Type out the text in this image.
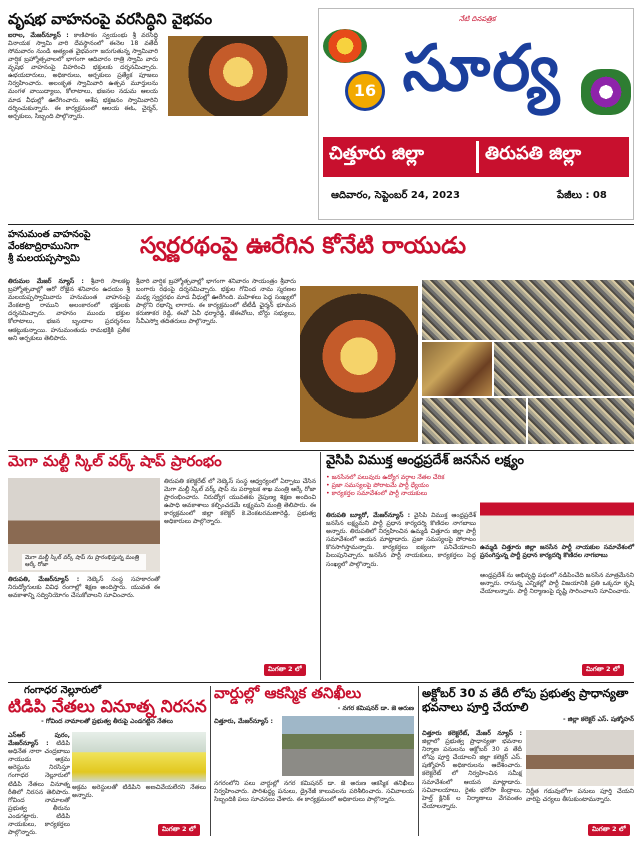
వృషభ వాహనంపై వరసిద్ధిని వైభవం
ఐరాల, మేజర్‌న్యూస్ : కాణిపాకం స్వయంభు శ్రీ వరసిద్ధి వినాయక స్వామి వారి దేవస్థానంలో ఈనెల 18 వతేదీ సోమవారం నుండి అత్యంత వైభవంగా జరుగుతున్న స్వామివారి వార్షిక బ్రహ్మోత్సవాలలో భాగంగా ఆదివారం రాత్రి స్వామి వారు వృషభ వాహనంపై విహరించి భక్తులకు దర్శనమిచ్చారు. ఉభయదారులు, అధికారులు, అర్చకులు ప్రత్యేక పూజలు నిర్వహించారు. అలంకృత స్వామివారి ఉత్సవ మూర్తులను మంగళ వాయిద్యాలు, కోలాటాలు, భజనల నడుమ ఆలయ మాడ వీధుల్లో ఊరేగించారు. అశేష భక్తజనం స్వామివారిని దర్శించుకున్నారు. ఈ కార్యక్రమంలో ఆలయ ఈఓ, చైర్మన్, అర్చకులు, సిబ్బంది పాల్గొన్నారు.
నేటి దినపత్రిక
16 సూర్య
చిత్తూరు జిల్లా	తిరుపతి జిల్లా
ఆదివారం, సెప్టెంబర్ 24, 2023	పేజీలు : 08
హనుమంత వాహనంపై
వేంకటాద్రిరామునిగా
శ్రీ మలయప్పస్వామి	స్వర్ణరథంపై ఊరేగిన కోనేటి రాయుడు
తిరుమల మేజర్ న్యూస్ : శ్రీవారి సాలకట్ల బ్రహ్మోత్సవాల్లో ఆరో రోజైన శనివారం ఉదయం శ్రీ మలయప్పస్వామివారు హనుమంత వాహనంపై వేంకటాద్రి రాముని అలంకారంలో భక్తులకు దర్శనమిచ్చారు. వాహనం ముందు భక్తుల కోలాటాలు, భజన బృందాల ప్రదర్శనలు ఆకట్టుకున్నాయి. హనుమంతుడు రామభక్తికి ప్రతీక అని అర్చకులు తెలిపారు.
శ్రీవారి వార్షిక బ్రహ్మోత్సవాల్లో భాగంగా శనివారం సాయంత్రం శ్రీవారు బంగారు రథంపై దర్శనమిచ్చారు. భక్తుల గోవింద నామ స్మరణల మధ్య స్వర్ణరథం మాడ వీధుల్లో ఊరేగింది. మహిళలు పెద్ద సంఖ్యలో పాల్గొని రథాన్ని లాగారు. ఈ కార్యక్రమంలో టీటీడీ ఛైర్మన్ భూమన కరుణాకర రెడ్డి, ఈవో ఏవీ ధర్మారెడ్డి, జేఈవోలు, బోర్డు సభ్యులు, సీవీఎస్వో తదితరులు పాల్గొన్నారు.
మెగా మల్టీ స్కిల్ వర్క్ షాప్ ప్రారంభం
మెగా మల్టీ స్కిల్ వర్క్ షాప్ ను ప్రారంభిస్తున్న మంత్రి ఆర్కే రోజా
తిరుపతి కలెక్టరేట్ లో నెట్కెస్ సంస్థ ఆధ్వర్యంలో ఏర్పాటు చేసిన మెగా మల్టీ స్కిల్ వర్క్ షాప్ ను పర్యాటక శాఖ మంత్రి ఆర్కే రోజా ప్రారంభించారు. నిరుద్యోగ యువతకు నైపుణ్య శిక్షణ అందించి ఉపాధి అవకాశాలు కల్పించడమే లక్ష్యమని మంత్రి తెలిపారు. ఈ కార్యక్రమంలో జిల్లా కలెక్టర్ కె.వెంకటరమణారెడ్డి, ప్రభుత్వ అధికారులు పాల్గొన్నారు.
తిరుపతి, మేజర్‌న్యూస్ : నెట్కెస్ సంస్థ సహకారంతో నిరుద్యోగులకు వివిధ రంగాల్లో శిక్షణ అందిస్తారు. యువత ఈ అవకాశాన్ని సద్వినియోగం చేసుకోవాలని సూచించారు.
మిగతా 2 లో
వైసిపి విముక్త ఆంధ్రప్రదేశ్ జనసేన లక్ష్యం
• జనసేనలో పలువురు ఉద్యోగ వర్గాల నేతల చేరిక
• ప్రజా సమస్యలపై పోరాటమే పార్టీ ధ్యేయం
• కార్యకర్తల సమావేశంలో పార్టీ నాయకులు
ఉమ్మడి చిత్తూరు జిల్లా జనసేన పార్టీ నాయకుల సమావేశంలో ప్రసంగిస్తున్న పార్టీ ప్రధాన కార్యదర్శి కొణిదల నాగబాబు
తిరుపతి బ్యూరో, మేజర్‌న్యూస్ : వైసిపి విముక్త ఆంధ్రప్రదేశ్ జనసేన లక్ష్యమని పార్టీ ప్రధాన కార్యదర్శి కొణిదల నాగబాబు అన్నారు. తిరుపతిలో నిర్వహించిన ఉమ్మడి చిత్తూరు జిల్లా పార్టీ సమావేశంలో ఆయన మాట్లాడారు. ప్రజా సమస్యలపై పోరాటం కొనసాగిస్తామన్నారు. కార్యకర్తలు ఐక్యంగా పనిచేయాలని పిలుపునిచ్చారు. జనసేన పార్టీ నాయకులు, కార్యకర్తలు పెద్ద సంఖ్యలో పాల్గొన్నారు.
ఆంధ్రప్రదేశ్ ను అభివృద్ధి పథంలో నడిపించేది జనసేన మాత్రమేనని అన్నారు. రానున్న ఎన్నికల్లో పార్టీ విజయానికి ప్రతి ఒక్కరూ కృషి చేయాలన్నారు. పార్టీ నిర్మాణంపై దృష్టి సారించాలని సూచించారు.
మిగతా 2 లో
గంగాధర నెల్లూరులో
టిడిపి నేతలు వినూత్న నిరసన
- గోవింద నామాలతో ప్రభుత్వ తీరుపై ఎండగట్టిన నేతలు
ఎస్ఆర్ పురం, మేజర్‌న్యూస్ : టిడిపి అధినేత నారా చంద్రబాబు నాయుడు అక్రమ అరెస్టును నిరసిస్తూ గంగాధర నెల్లూరులో టిడిపి నేతలు వినూత్న రీతిలో నిరసన తెలిపారు. గోవింద నామాలతో ప్రభుత్వ తీరును ఎండగట్టారు. టిడిపి నాయకులు, కార్యకర్తలు పాల్గొన్నారు.
అక్రమ అరెస్టులతో టిడిపిని అణచివేయలేరని నేతలు అన్నారు.
మిగతా 2 లో
వార్డుల్లో ఆకస్మిక తనిఖీలు
- నగర కమిషనర్ డా. జె అరుణ
చిత్తూరు, మేజర్‌న్యూస్ :
నగరంలోని పలు వార్డుల్లో నగర కమిషనర్ డా. జె అరుణ ఆకస్మిక తనిఖీలు నిర్వహించారు. పారిశుద్ధ్య పనులు, డ్రైనేజీ కాలువలను పరిశీలించారు. సచివాలయ సిబ్బందికి పలు సూచనలు చేశారు. ఈ కార్యక్రమంలో అధికారులు పాల్గొన్నారు.
అక్టోబర్ 30 వ తేదీ లోపు ప్రభుత్వ ప్రాధాన్యతా భవనాలు పూర్తి చేయాలి
- జిల్లా కలెక్టర్ ఎస్. షణ్మోహన్
చిత్తూరు కలెక్టరేట్, మేజర్ న్యూస్ : జిల్లాలో ప్రభుత్వ ప్రాధాన్యతా భవనాల నిర్మాణ పనులను అక్టోబర్ 30 వ తేదీ లోపు పూర్తి చేయాలని జిల్లా కలెక్టర్ ఎస్. షణ్మోహన్ అధికారులను ఆదేశించారు. కలెక్టరేట్ లో నిర్వహించిన సమీక్ష సమావేశంలో ఆయన మాట్లాడారు. సచివాలయాలు, రైతు భరోసా కేంద్రాలు, హెల్త్ క్లినిక్ ల నిర్మాణాలు వేగవంతం చేయాలన్నారు.
నిర్ణీత గడువులోగా పనులు పూర్తి చేయని వారిపై చర్యలు తీసుకుంటామన్నారు.
మిగతా 2 లో
